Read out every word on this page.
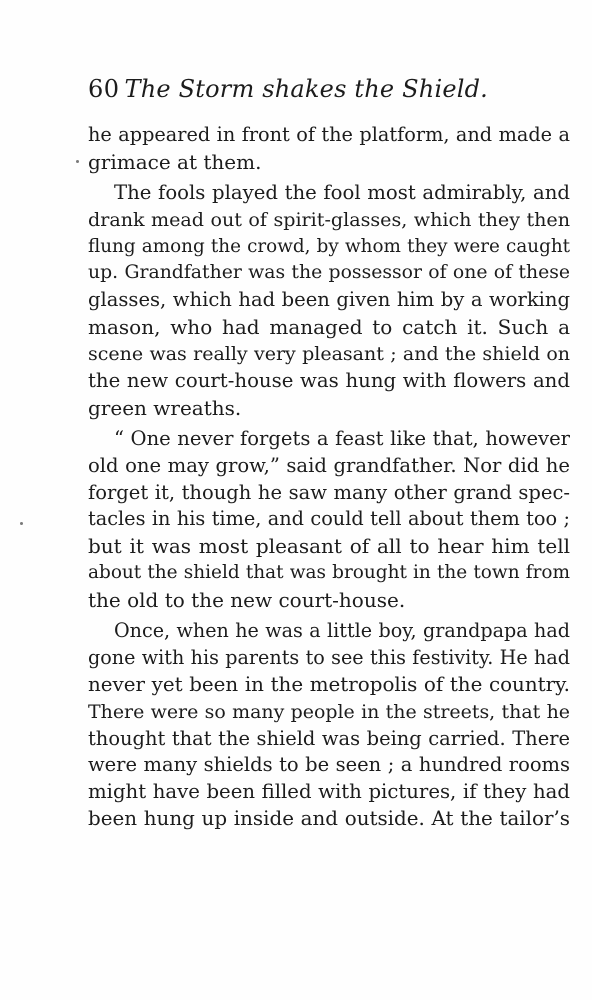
60 The Storm shakes the Shield.
he appeared in front of the platform, and made a
grimace at them.
The fools played the fool most admirably, and
drank mead out of spirit-glasses, which they then
flung among the crowd, by whom they were caught
up. Grandfather was the possessor of one of these
glasses, which had been given him by a working
mason, who had managed to catch it. Such a
scene was really very pleasant ; and the shield on
the new court-house was hung with flowers and
green wreaths.
“ One never forgets a feast like that, however
old one may grow,” said grandfather. Nor did he
forget it, though he saw many other grand spec-
tacles in his time, and could tell about them too ;
but it was most pleasant of all to hear him tell
about the shield that was brought in the town from
the old to the new court-house.
Once, when he was a little boy, grandpapa had
gone with his parents to see this festivity. He had
never yet been in the metropolis of the country.
There were so many people in the streets, that he
thought that the shield was being carried. There
were many shields to be seen ; a hundred rooms
might have been filled with pictures, if they had
been hung up inside and outside. At the tailor’s
